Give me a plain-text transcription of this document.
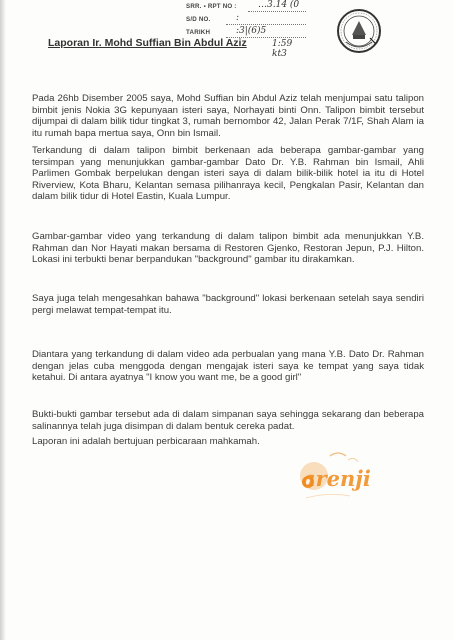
SRR. ▪ RPT NO :	…3.14 (0
S/D NO.	:
TARIKH	:3|(6)5
1:59 kt3
Laporan Ir. Mohd Suffian Bin Abdul Aziz
Pada 26hb Disember 2005 saya, Mohd Suffian bin Abdul Aziz telah menjumpai satu talipon bimbit jenis Nokia 3G kepunyaan isteri saya, Norhayati binti Onn. Talipon bimbit tersebut dijumpai di dalam bilik tidur tingkat 3, rumah bernombor 42, Jalan Perak 7/1F, Shah Alam ia itu rumah bapa mertua saya, Onn bin Ismail.
Terkandung di dalam talipon bimbit berkenaan ada beberapa gambar-gambar yang tersimpan yang menunjukkan gambar-gambar Dato Dr. Y.B. Rahman bin Ismail, Ahli Parlimen Gombak berpelukan dengan isteri saya di dalam bilik-bilik hotel ia itu di Hotel Riverview, Kota Bharu, Kelantan semasa pilihanraya kecil, Pengkalan Pasir, Kelantan dan dalam bilik tidur di Hotel Eastin, Kuala Lumpur.
Gambar-gambar video yang terkandung di dalam talipon bimbit ada menunjukkan Y.B. Rahman dan Nor Hayati makan bersama di Restoren Gjenko, Restoran Jepun, P.J. Hilton. Lokasi ini terbukti benar berpandukan "background" gambar itu dirakamkan.
Saya juga telah mengesahkan bahawa "background" lokasi berkenaan setelah saya sendiri pergi melawat tempat-tempat itu.
Diantara yang terkandung di dalam video ada perbualan yang mana Y.B. Dato Dr. Rahman dengan jelas cuba menggoda dengan mengajak isteri saya ke tempat yang saya tidak ketahui. Di antara ayatnya "I know you want me, be a good girl"
Bukti-bukti gambar tersebut ada di dalam simpanan saya sehingga sekarang dan beberapa salinannya telah juga disimpan di dalam bentuk cereka padat.
Laporan ini adalah bertujuan perbicaraan mahkamah.
arenji
